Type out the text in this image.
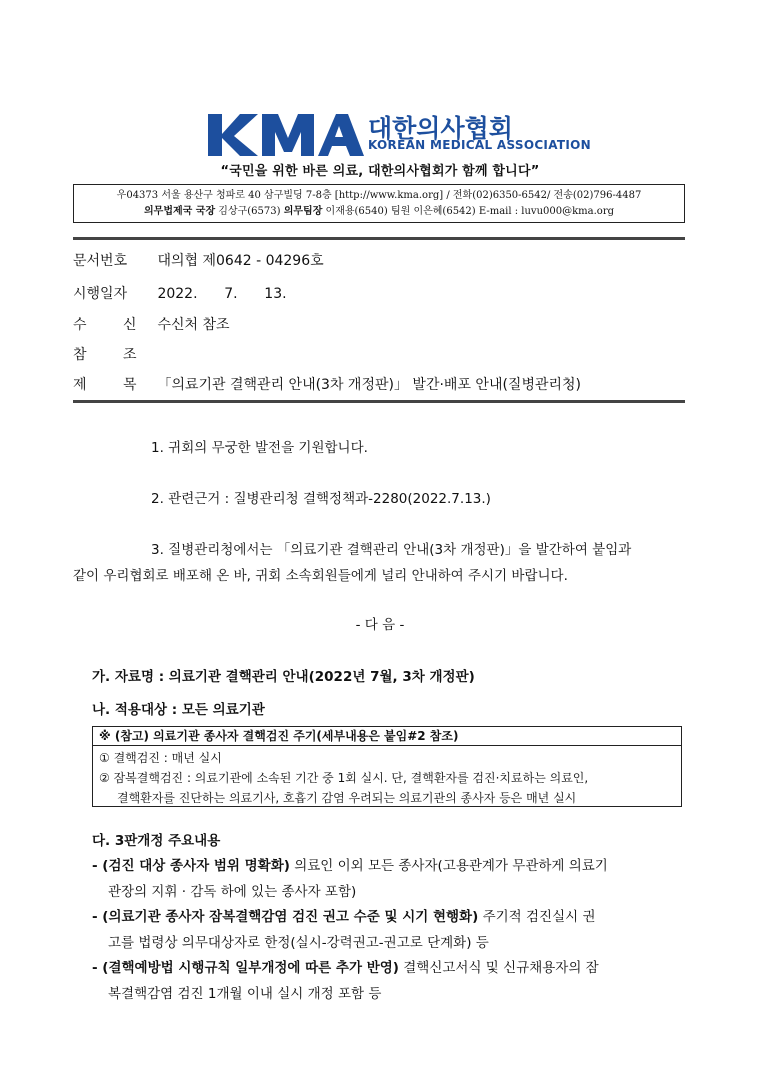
대한의사협회
KOREAN MEDICAL ASSOCIATION
“국민을 위한 바른 의료, 대한의사협회가 함께 합니다”
우04373 서울 용산구 청파로 40 삼구빌딩 7-8층 [http://www.kma.org] / 전화(02)6350-6542/ 전송(02)796-4487
의무법제국 국장 김상구(6573) 의무팀장 이재용(6540) 팀원 이은혜(6542) E-mail : luvu000@kma.org
문서번호 대의협 제0642 - 04296호
시행일자 2022.      7.      13.
수	신 수신처 참조
참	조
제	목 「의료기관 결핵관리 안내(3차 개정판)」 발간·배포 안내(질병관리청)
1. 귀회의 무궁한 발전을 기원합니다.
2. 관련근거 : 질병관리청 결핵정책과-2280(2022.7.13.)
3. 질병관리청에서는 「의료기관 결핵관리 안내(3차 개정판)」을 발간하여 붙임과
같이 우리협회로 배포해 온 바, 귀회 소속회원들에게 널리 안내하여 주시기 바랍니다.
- 다 음 -
가. 자료명 : 의료기관 결핵관리 안내(2022년 7월, 3차 개정판)
나. 적용대상 : 모든 의료기관
※ (참고) 의료기관 종사자 결핵검진 주기(세부내용은 붙임#2 참조)
① 결핵검진 : 매년 실시
② 잠복결핵검진 : 의료기관에 소속된 기간 중 1회 실시. 단, 결핵환자를 검진·치료하는 의료인,
결핵환자를 진단하는 의료기사, 호흡기 감염 우려되는 의료기관의 종사자 등은 매년 실시
다. 3판개정 주요내용
- (검진 대상 종사자 범위 명확화) 의료인 이외 모든 종사자(고용관계가 무관하게 의료기
관장의 지휘 · 감독 하에 있는 종사자 포함)
- (의료기관 종사자 잠복결핵감염 검진 권고 수준 및 시기 현행화) 주기적 검진실시 권
고를 법령상 의무대상자로 한정(실시-강력권고-권고로 단계화) 등
- (결핵예방법 시행규칙 일부개정에 따른 추가 반영) 결핵신고서식 및 신규채용자의 잠
복결핵감염 검진 1개월 이내 실시 개정 포함 등
